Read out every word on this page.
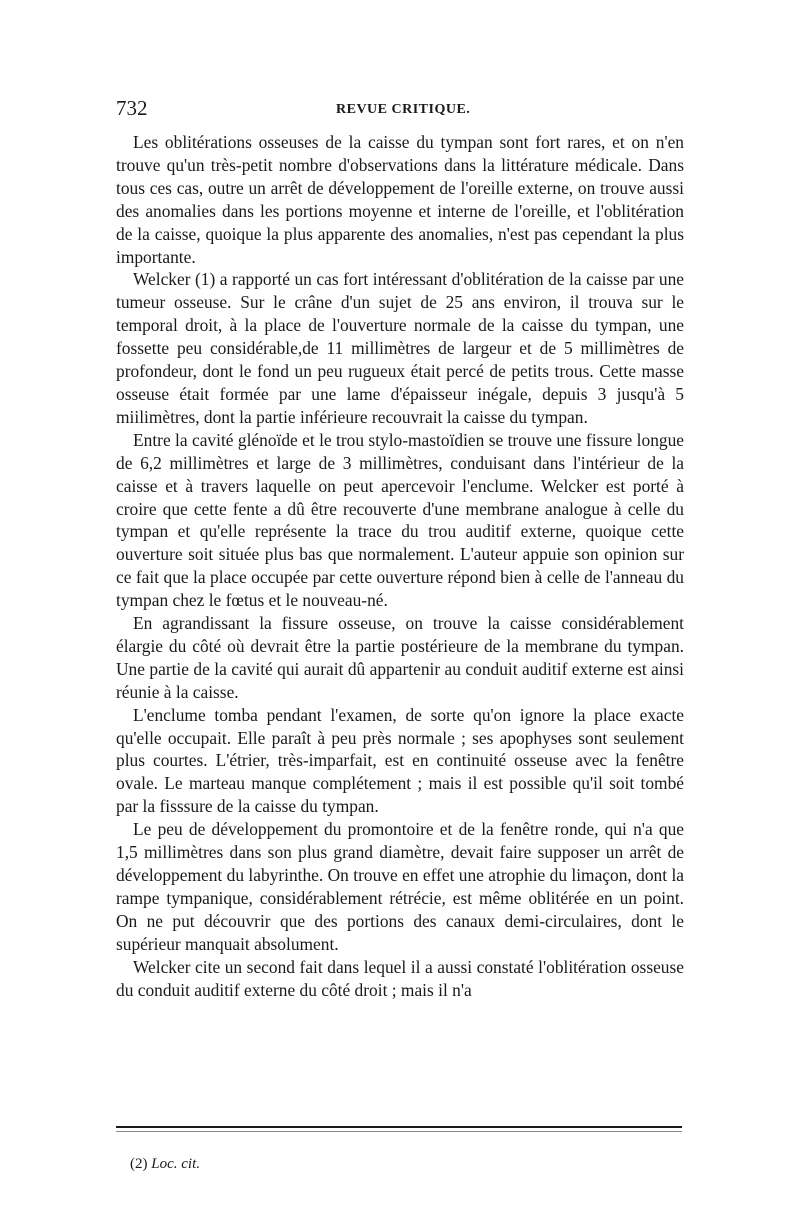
732	REVUE CRITIQUE.

Les oblitérations osseuses de la caisse du tympan sont fort rares, et on n'en trouve qu'un très-petit nombre d'observations dans la littérature médicale. Dans tous ces cas, outre un arrêt de développement de l'oreille externe, on trouve aussi des anomalies dans les portions moyenne et interne de l'oreille, et l'oblitération de la caisse, quoique la plus apparente des anomalies, n'est pas cependant la plus importante.

Welcker (1) a rapporté un cas fort intéressant d'oblitération de la caisse par une tumeur osseuse. Sur le crâne d'un sujet de 25 ans environ, il trouva sur le temporal droit, à la place de l'ouverture normale de la caisse du tympan, une fossette peu considérable,de 11 millimètres de largeur et de 5 millimètres de profondeur, dont le fond un peu rugueux était percé de petits trous. Cette masse osseuse était formée par une lame d'épaisseur inégale, depuis 3 jusqu'à 5 miilimètres, dont la partie inférieure recouvrait la caisse du tympan.

Entre la cavité glénoïde et le trou stylo-mastoïdien se trouve une fissure longue de 6,2 millimètres et large de 3 millimètres, conduisant dans l'intérieur de la caisse et à travers laquelle on peut apercevoir l'enclume. Welcker est porté à croire que cette fente a dû être recouverte d'une membrane analogue à celle du tympan et qu'elle représente la trace du trou auditif externe, quoique cette ouverture soit située plus bas que normalement. L'auteur appuie son opinion sur ce fait que la place occupée par cette ouverture répond bien à celle de l'anneau du tympan chez le fœtus et le nouveau-né.

En agrandissant la fissure osseuse, on trouve la caisse considérablement élargie du côté où devrait être la partie postérieure de la membrane du tympan. Une partie de la cavité qui aurait dû appartenir au conduit auditif externe est ainsi réunie à la caisse.

L'enclume tomba pendant l'examen, de sorte qu'on ignore la place exacte qu'elle occupait. Elle paraît à peu près normale ; ses apophyses sont seulement plus courtes. L'étrier, très-imparfait, est en continuité osseuse avec la fenêtre ovale. Le marteau manque complétement ; mais il est possible qu'il soit tombé par la fisssure de la caisse du tympan.

Le peu de développement du promontoire et de la fenêtre ronde, qui n'a que 1,5 millimètres dans son plus grand diamètre, devait faire supposer un arrêt de développement du labyrinthe. On trouve en effet une atrophie du limaçon, dont la rampe tympanique, considérablement rétrécie, est même oblitérée en un point. On ne put découvrir que des portions des canaux demi-circulaires, dont le supérieur manquait absolument.

Welcker cite un second fait dans lequel il a aussi constaté l'oblitération osseuse du conduit auditif externe du côté droit ; mais il n'a

(2) Loc. cit.
